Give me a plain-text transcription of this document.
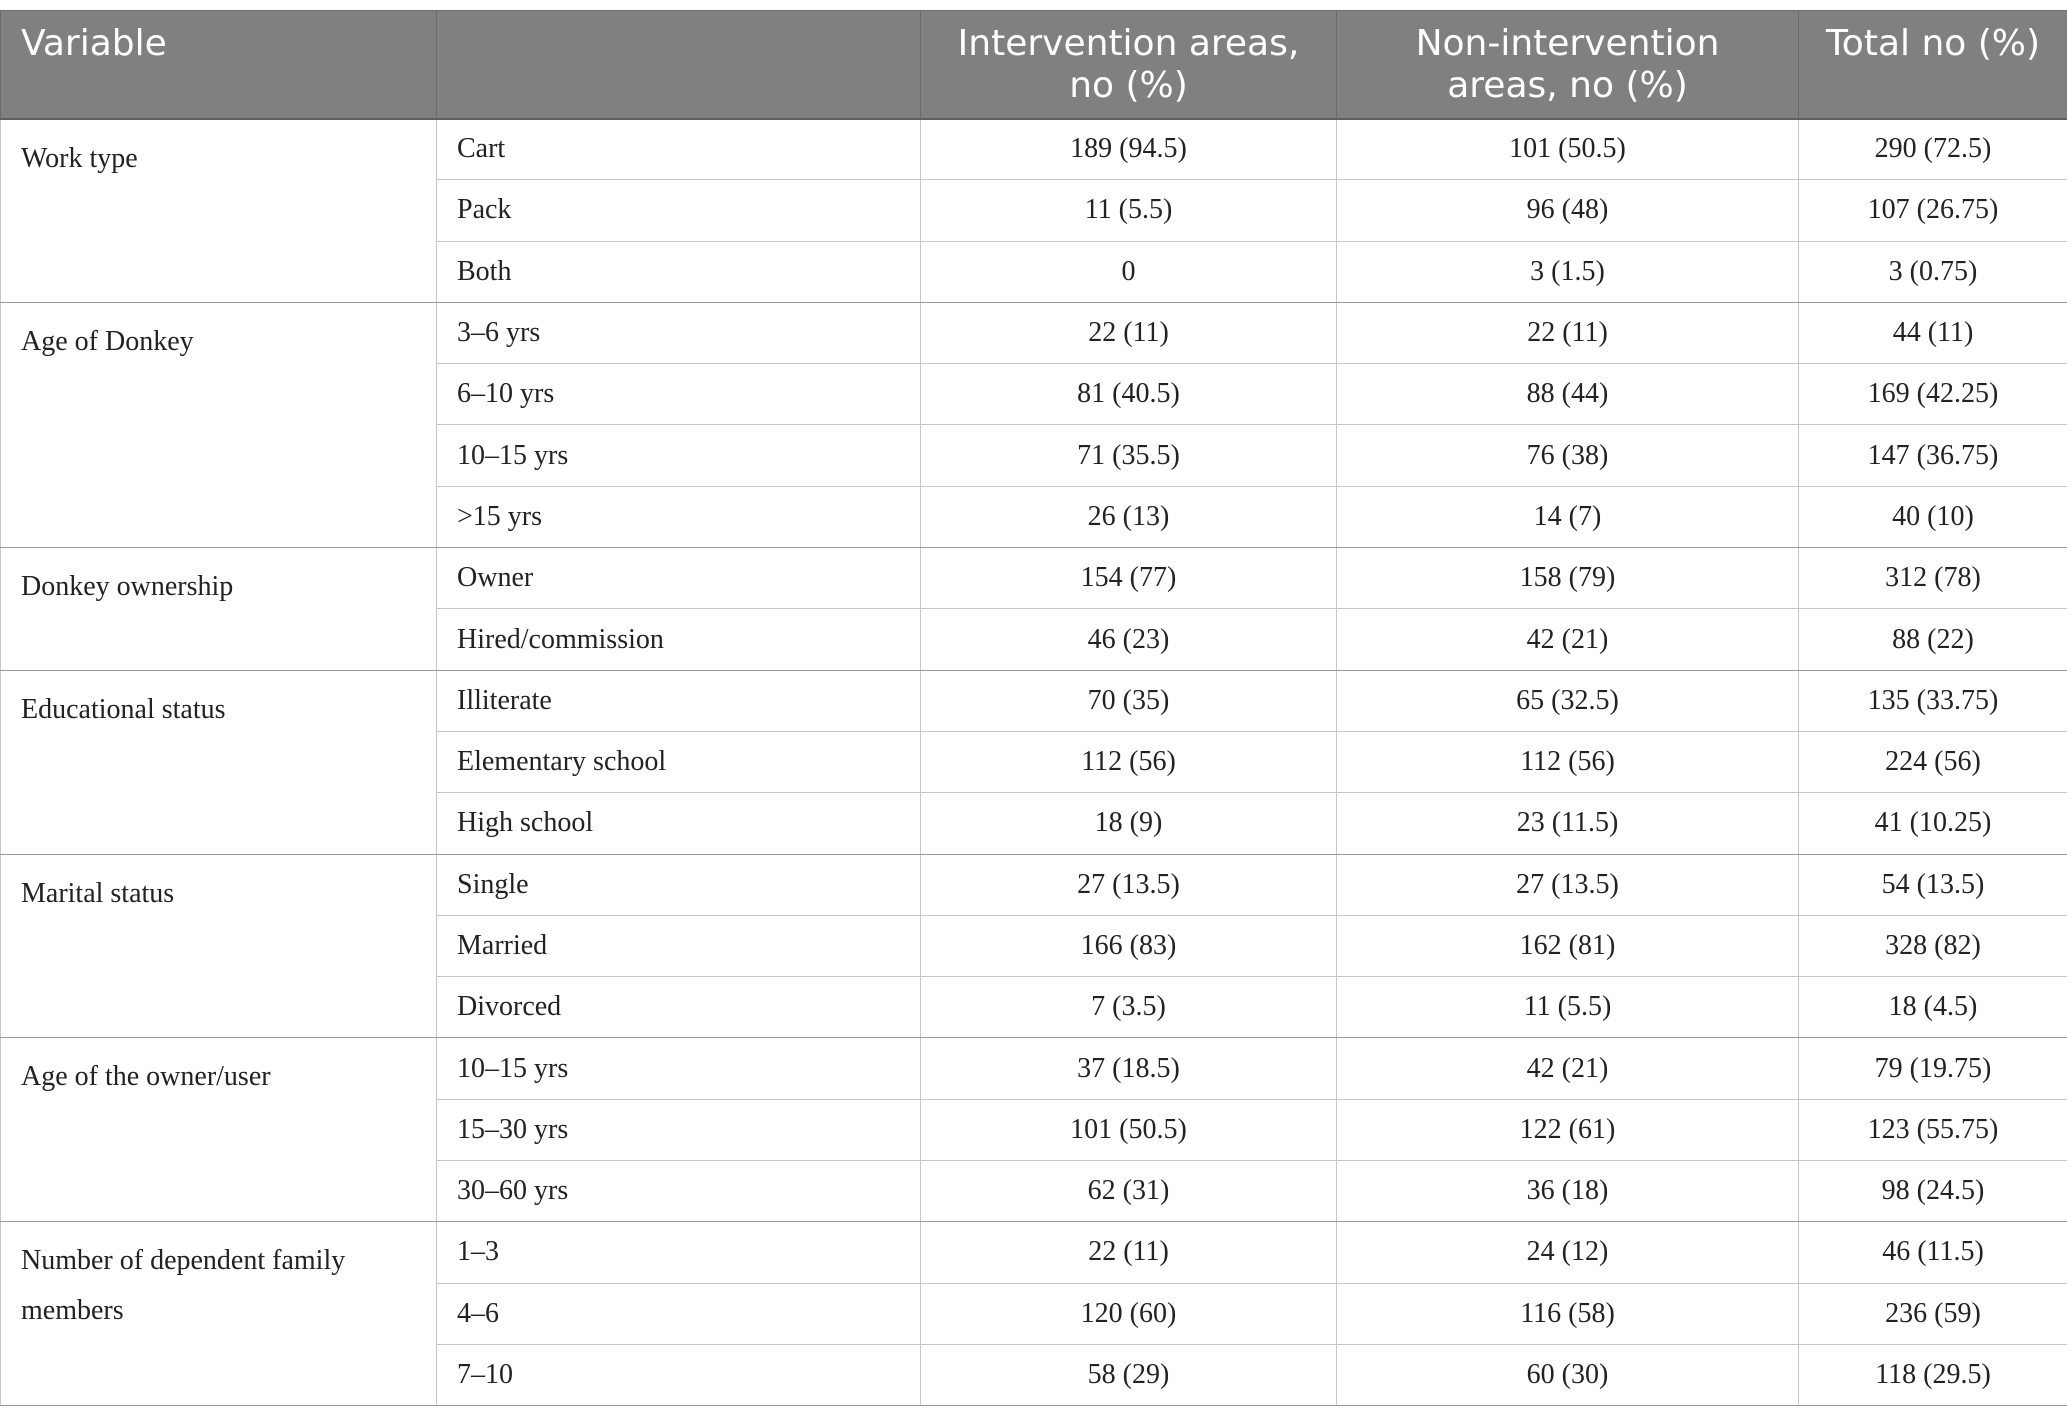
Variable		Intervention areas, no (%)	Non-intervention areas, no (%)	Total no (%)
Work type	Cart	189 (94.5)	101 (50.5)	290 (72.5)
	Pack	11 (5.5)	96 (48)	107 (26.75)
	Both	0	3 (1.5)	3 (0.75)
Age of Donkey	3–6 yrs	22 (11)	22 (11)	44 (11)
	6–10 yrs	81 (40.5)	88 (44)	169 (42.25)
	10–15 yrs	71 (35.5)	76 (38)	147 (36.75)
	>15 yrs	26 (13)	14 (7)	40 (10)
Donkey ownership	Owner	154 (77)	158 (79)	312 (78)
	Hired/commission	46 (23)	42 (21)	88 (22)
Educational status	Illiterate	70 (35)	65 (32.5)	135 (33.75)
	Elementary school	112 (56)	112 (56)	224 (56)
	High school	18 (9)	23 (11.5)	41 (10.25)
Marital status	Single	27 (13.5)	27 (13.5)	54 (13.5)
	Married	166 (83)	162 (81)	328 (82)
	Divorced	7 (3.5)	11 (5.5)	18 (4.5)
Age of the owner/user	10–15 yrs	37 (18.5)	42 (21)	79 (19.75)
	15–30 yrs	101 (50.5)	122 (61)	123 (55.75)
	30–60 yrs	62 (31)	36 (18)	98 (24.5)
Number of dependent family members	1–3	22 (11)	24 (12)	46 (11.5)
	4–6	120 (60)	116 (58)	236 (59)
	7–10	58 (29)	60 (30)	118 (29.5)
